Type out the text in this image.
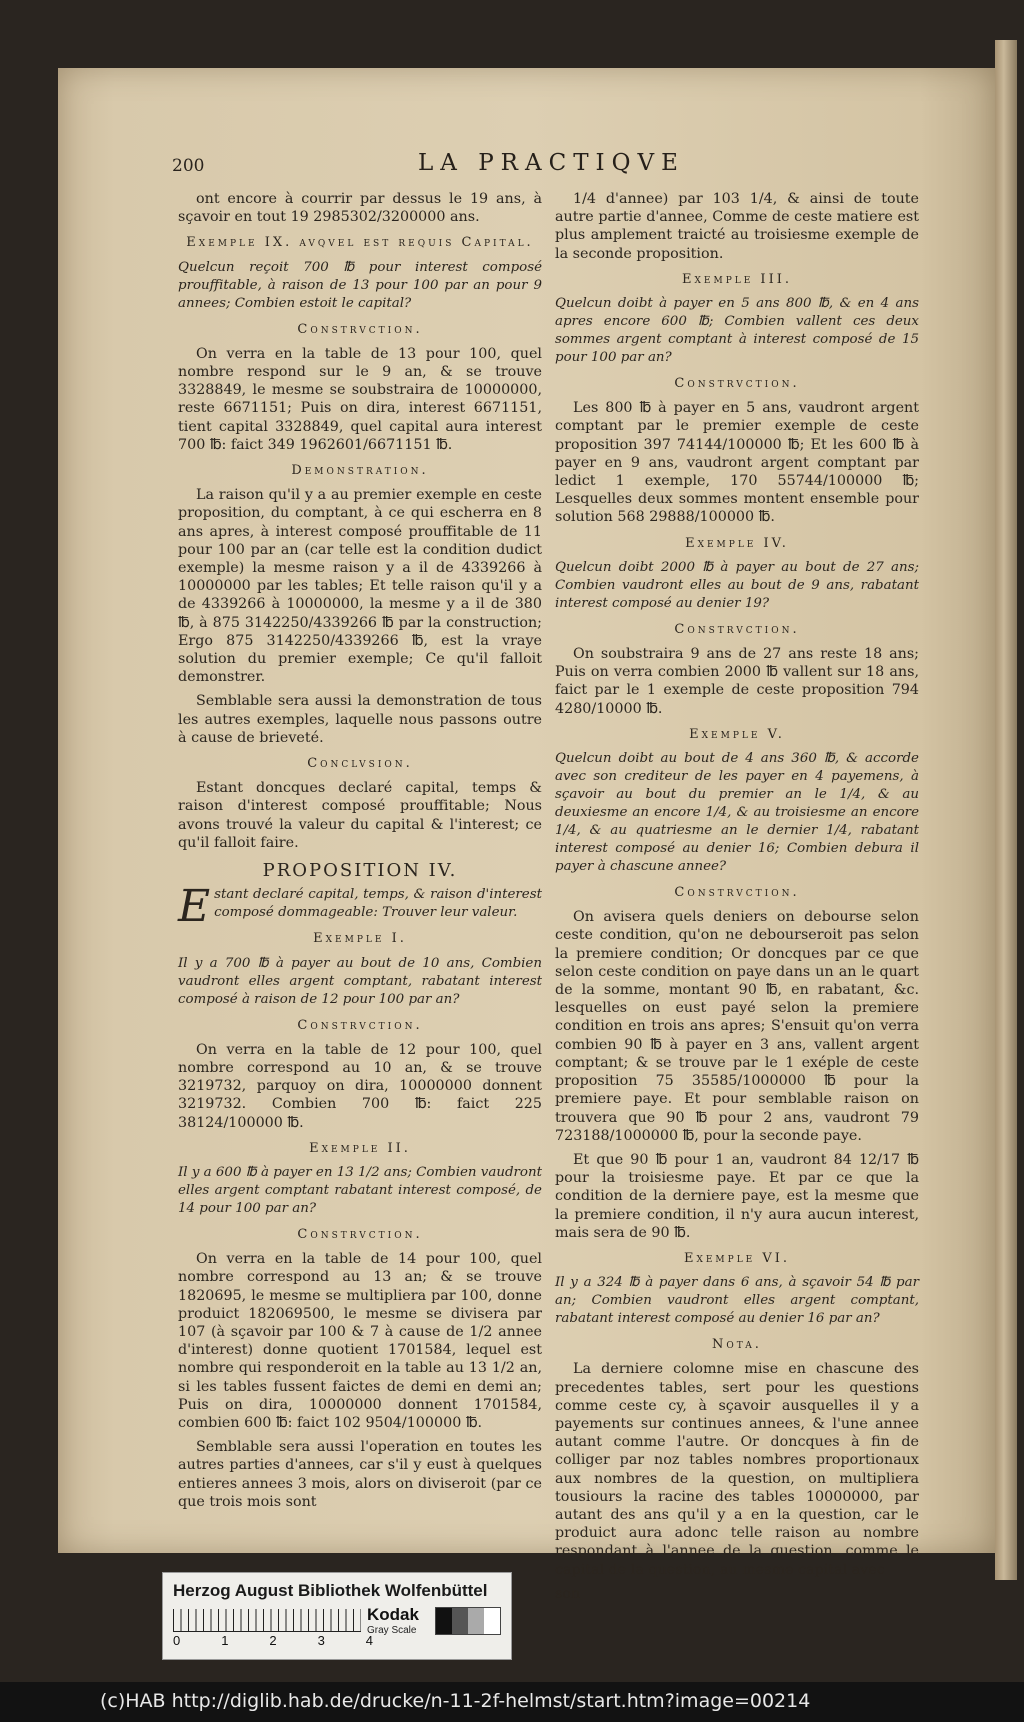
200	LA PRACTIQVE

ont encore à courrir par dessus le 19 ans, à sçavoir en tout 19 2985302/3200000 ans.

Exemple IX. avqvel est requis Capital.

Quelcun reçoit 700 ℔ pour interest composé prouffitable, à raison de 13 pour 100 par an pour 9 annees; Combien estoit le capital?

Constrvction.

On verra en la table de 13 pour 100, quel nombre respond sur le 9 an, & se trouve 3328849, le mesme se soubstraira de 10000000, reste 6671151; Puis on dira, interest 6671151, tient capital 3328849, quel capital aura interest 700 ℔: faict 349 1962601/6671151 ℔.

Demonstration.

La raison qu'il y a au premier exemple en ceste proposition, du comptant, à ce qui escherra en 8 ans apres, à interest composé prouffitable de 11 pour 100 par an (car telle est la condition dudict exemple) la mesme raison y a il de 4339266 à 10000000 par les tables; Et telle raison qu'il y a de 4339266 à 10000000, la mesme y a il de 380 ℔, à 875 3142250/4339266 ℔ par la construction; Ergo 875 3142250/4339266 ℔, est la vraye solution du premier exemple; Ce qu'il falloit demonstrer.

Semblable sera aussi la demonstration de tous les autres exemples, laquelle nous passons outre à cause de brieveté.

Conclvsion.

Estant doncques declaré capital, temps & raison d'interest composé prouffitable; Nous avons trouvé la valeur du capital & l'interest; ce qu'il falloit faire.

PROPOSITION IV.

Estant declaré capital, temps, & raison d'interest composé dommageable: Trouver leur valeur.

Exemple I.

Il y a 700 ℔ à payer au bout de 10 ans, Combien vaudront elles argent comptant, rabatant interest composé à raison de 12 pour 100 par an?

Constrvction.

On verra en la table de 12 pour 100, quel nombre correspond au 10 an, & se trouve 3219732, parquoy on dira, 10000000 donnent 3219732. Combien 700 ℔: faict 225 38124/100000 ℔.

Exemple II.

Il y a 600 ℔ à payer en 13 1/2 ans; Combien vaudront elles argent comptant rabatant interest composé, de 14 pour 100 par an?

Constrvction.

On verra en la table de 14 pour 100, quel nombre correspond au 13 an; & se trouve 1820695, le mesme se multipliera par 100, donne produict 182069500, le mesme se divisera par 107 (à sçavoir par 100 & 7 à cause de 1/2 annee d'interest) donne quotient 1701584, lequel est nombre qui responderoit en la table au 13 1/2 an, si les tables fussent faictes de demi en demi an; Puis on dira, 10000000 donnent 1701584, combien 600 ℔: faict 102 9504/100000 ℔.

Semblable sera aussi l'operation en toutes les autres parties d'annees, car s'il y eust à quelques entieres annees 3 mois, alors on diviseroit (par ce que trois mois sont

1/4 d'annee) par 103 1/4, & ainsi de toute autre partie d'annee, Comme de ceste matiere est plus amplement traicté au troisiesme exemple de la seconde proposition.

Exemple III.

Quelcun doibt à payer en 5 ans 800 ℔, & en 4 ans apres encore 600 ℔; Combien vallent ces deux sommes argent comptant à interest composé de 15 pour 100 par an?

Constrvction.

Les 800 ℔ à payer en 5 ans, vaudront argent comptant par le premier exemple de ceste proposition 397 74144/100000 ℔; Et les 600 ℔ à payer en 9 ans, vaudront argent comptant par ledict 1 exemple, 170 55744/100000 ℔; Lesquelles deux sommes montent ensemble pour solution 568 29888/100000 ℔.

Exemple IV.

Quelcun doibt 2000 ℔ à payer au bout de 27 ans; Combien vaudront elles au bout de 9 ans, rabatant interest composé au denier 19?

Constrvction.

On soubstraira 9 ans de 27 ans reste 18 ans; Puis on verra combien 2000 ℔ vallent sur 18 ans, faict par le 1 exemple de ceste proposition 794 4280/10000 ℔.

Exemple V.

Quelcun doibt au bout de 4 ans 360 ℔, & accorde avec son crediteur de les payer en 4 payemens, à sçavoir au bout du premier an le 1/4, & au deuxiesme an encore 1/4, & au troisiesme an encore 1/4, & au quatriesme an le dernier 1/4, rabatant interest composé au denier 16; Combien debura il payer à chascune annee?

Constrvction.

On avisera quels deniers on debourse selon ceste condition, qu'on ne debourseroit pas selon la premiere condition; Or doncques par ce que selon ceste condition on paye dans un an le quart de la somme, montant 90 ℔, en rabatant, &c. lesquelles on eust payé selon la premiere condition en trois ans apres; S'ensuit qu'on verra combien 90 ℔ à payer en 3 ans, vallent argent comptant; & se trouve par le 1 exéple de ceste proposition 75 35585/1000000 ℔ pour la premiere paye. Et pour semblable raison on trouvera que 90 ℔ pour 2 ans, vaudront 79 723188/1000000 ℔, pour la seconde paye.

Et que 90 ℔ pour 1 an, vaudront 84 12/17 ℔ pour la troisiesme paye. Et par ce que la condition de la derniere paye, est la mesme que la premiere condition, il n'y aura aucun interest, mais sera de 90 ℔.

Exemple VI.

Il y a 324 ℔ à payer dans 6 ans, à sçavoir 54 ℔ par an; Combien vaudront elles argent comptant, rabatant interest composé au denier 16 par an?

Nota.

La derniere colomne mise en chascune des precedentes tables, sert pour les questions comme ceste cy, à sçavoir ausquelles il y a payements sur continues annees, & l'une annee autant comme l'autre. Or doncques à fin de colliger par noz tables nombres proportionaux aux nombres de la question, on multipliera tousiours la racine des tables 10000000, par autant des ans qu'il y a en la question, car le produict aura adonc telle raison au nombre respondant à l'annee de la question, comme le capital de la question, au mesme capital avec

son

Herzog August Bibliothek Wolfenbüttel
0	1	2	3	4
Kodak
Gray Scale
(c)HAB http://diglib.hab.de/drucke/n-11-2f-helmst/start.htm?image=00214
